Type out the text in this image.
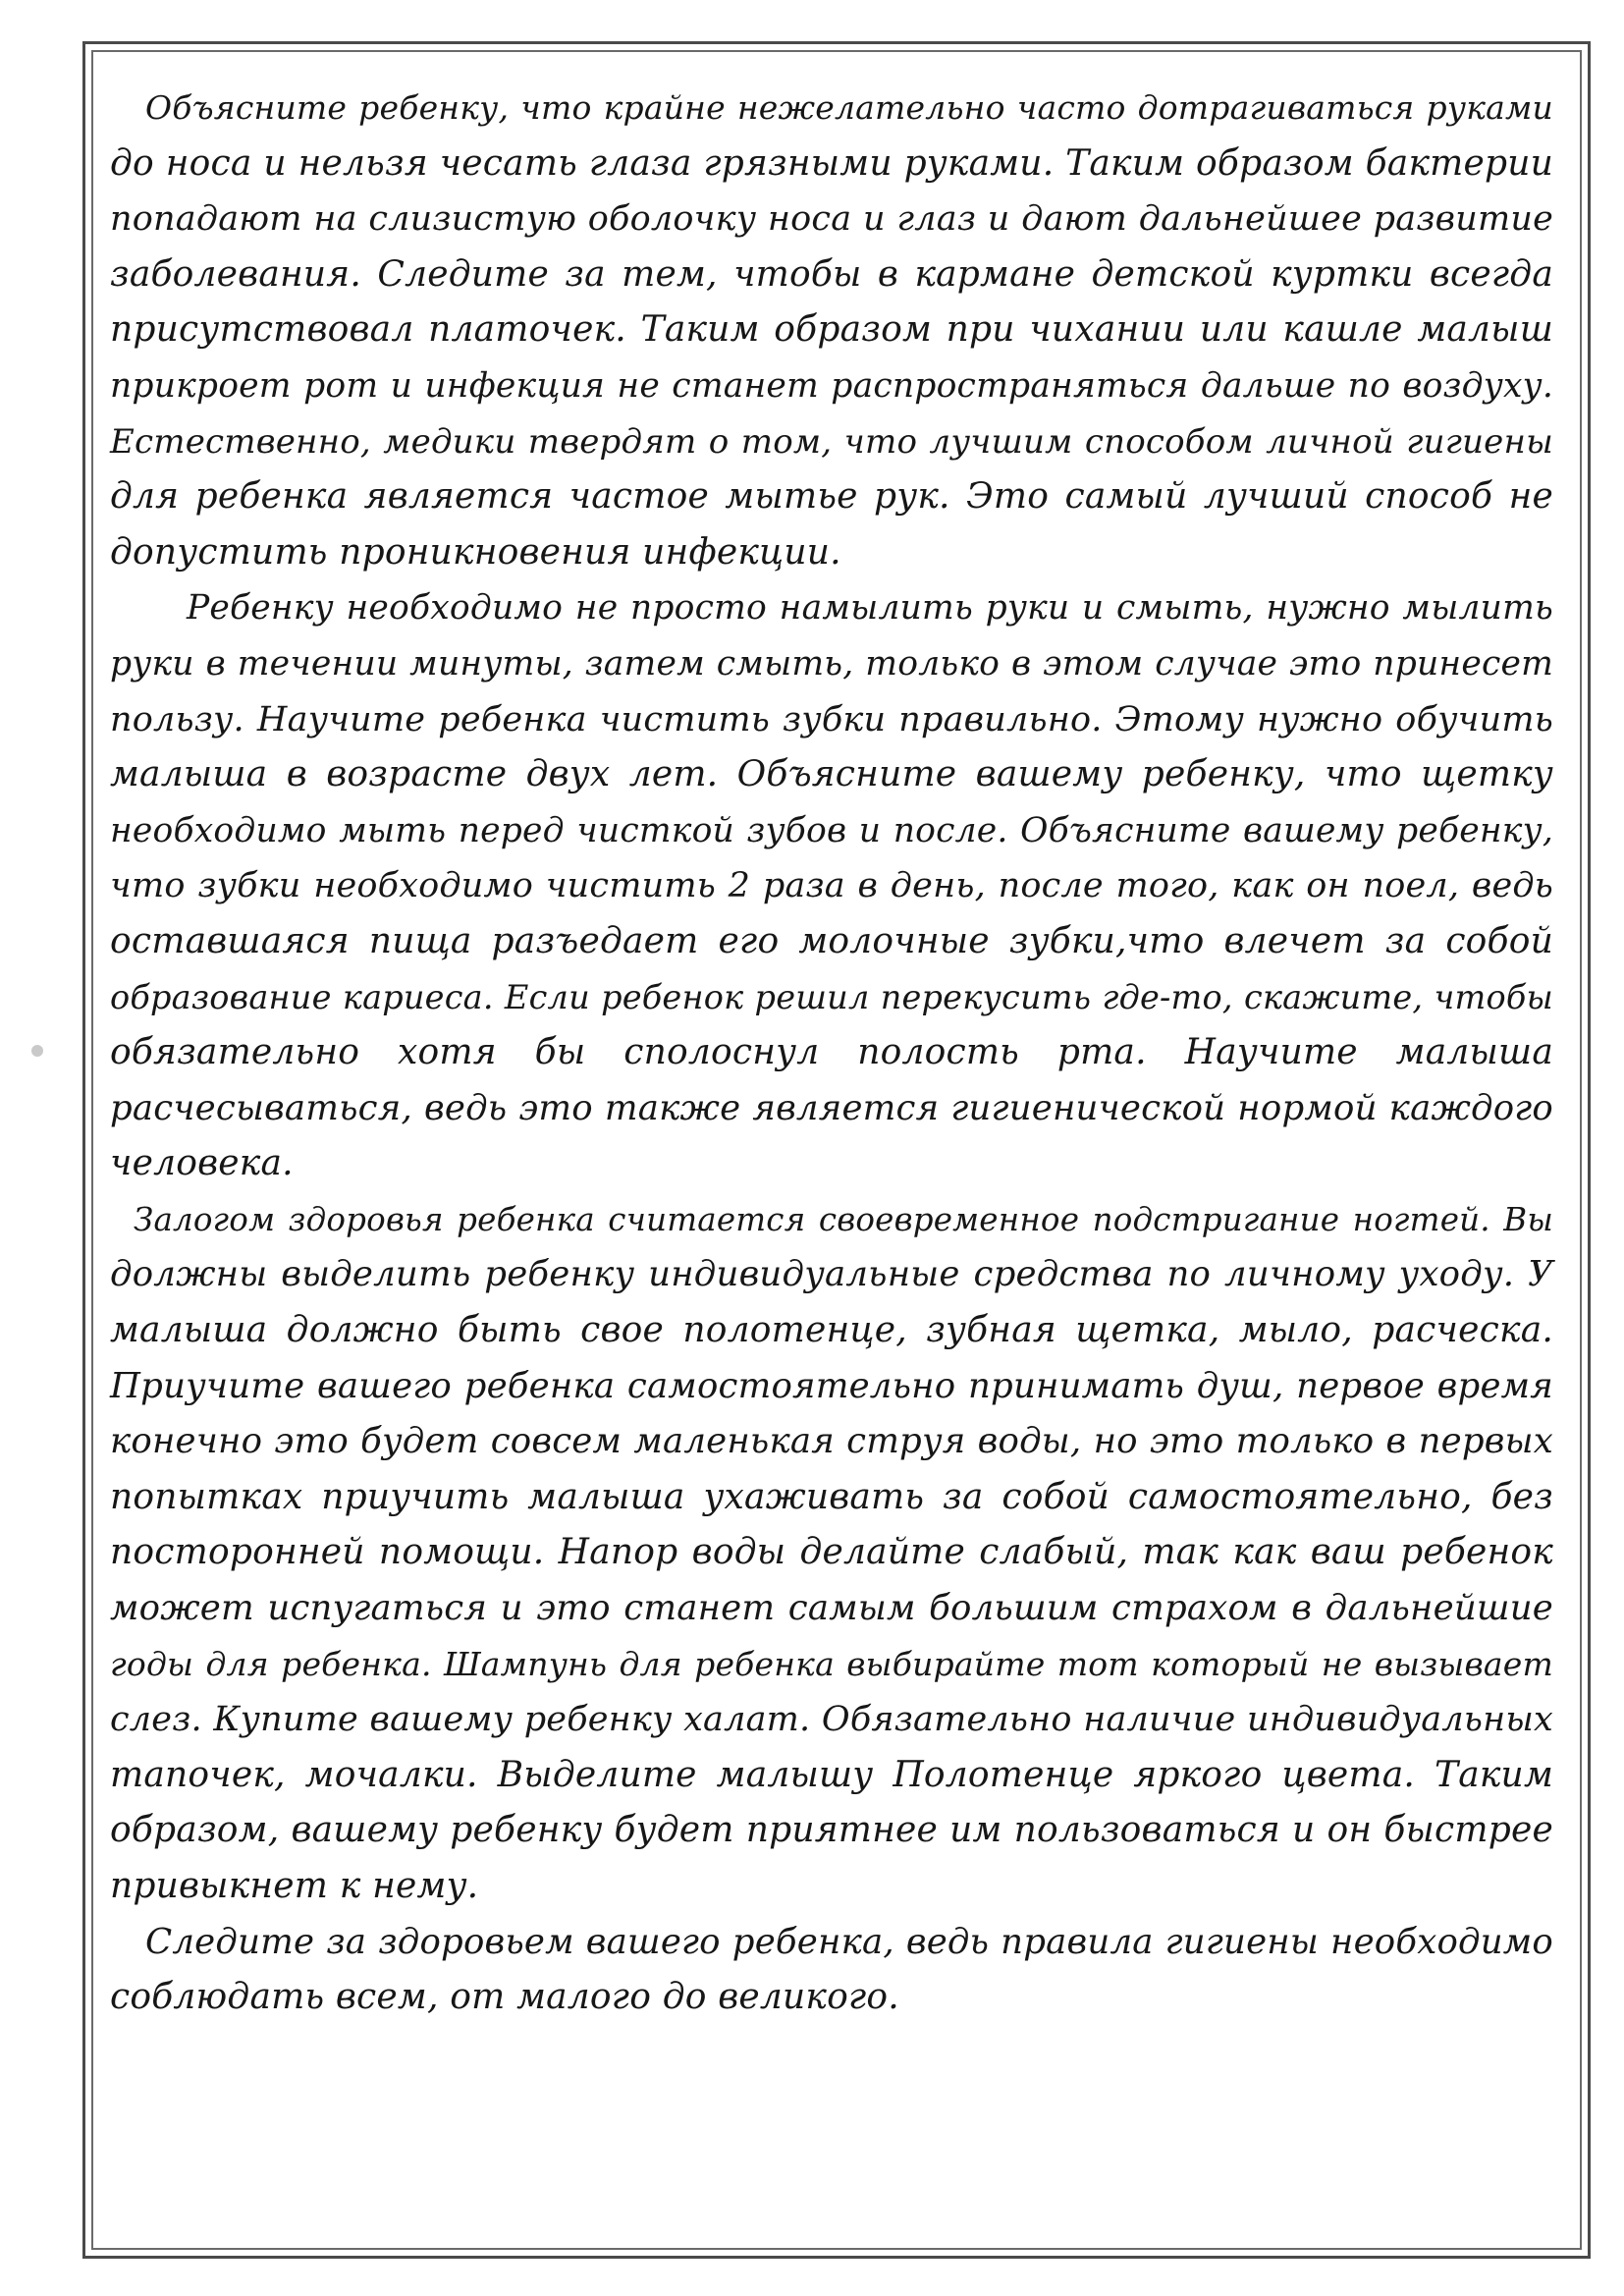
Объясните ребенку, что крайне нежелательно часто дотрагиваться руками
до носа и нельзя чесать глаза грязными руками. Таким образом бактерии
попадают на слизистую оболочку носа и глаз и дают дальнейшее развитие
заболевания. Следите за тем, чтобы в кармане детской куртки всегда
присутствовал платочек. Таким образом при чихании или кашле малыш
прикроет рот и инфекция не станет распространяться дальше по воздуху.
Естественно, медики твердят о том, что лучшим способом личной гигиены
для ребенка является частое мытье рук. Это самый лучший способ не
допустить проникновения инфекции.
Ребенку необходимо не просто намылить руки и смыть, нужно мылить
руки в течении минуты, затем смыть, только в этом случае это принесет
пользу. Научите ребенка чистить зубки правильно. Этому нужно обучить
малыша в возрасте двух лет. Объясните вашему ребенку, что щетку
необходимо мыть перед чисткой зубов и после. Объясните вашему ребенку,
что зубки необходимо чистить 2 раза в день, после того, как он поел, ведь
оставшаяся пища разъедает его молочные зубки,что влечет за собой
образование кариеса. Если ребенок решил перекусить где-то, скажите, чтобы
обязательно хотя бы сполоснул полость рта. Научите малыша
расчесываться, ведь это также является гигиенической нормой каждого
человека.
Залогом здоровья ребенка считается своевременное подстригание ногтей. Вы
должны выделить ребенку индивидуальные средства по личному уходу. У
малыша должно быть свое полотенце, зубная щетка, мыло, расческа.
Приучите вашего ребенка самостоятельно принимать душ, первое время
конечно это будет совсем маленькая струя воды, но это только в первых
попытках приучить малыша ухаживать за собой самостоятельно, без
посторонней помощи. Напор воды делайте слабый, так как ваш ребенок
может испугаться и это станет самым большим страхом в дальнейшие
годы для ребенка. Шампунь для ребенка выбирайте тот который не вызывает
слез. Купите вашему ребенку халат. Обязательно наличие индивидуальных
тапочек, мочалки. Выделите малышу Полотенце яркого цвета. Таким
образом, вашему ребенку будет приятнее им пользоваться и он быстрее
привыкнет к нему.
Следите за здоровьем вашего ребенка, ведь правила гигиены необходимо
соблюдать всем, от малого до великого.
